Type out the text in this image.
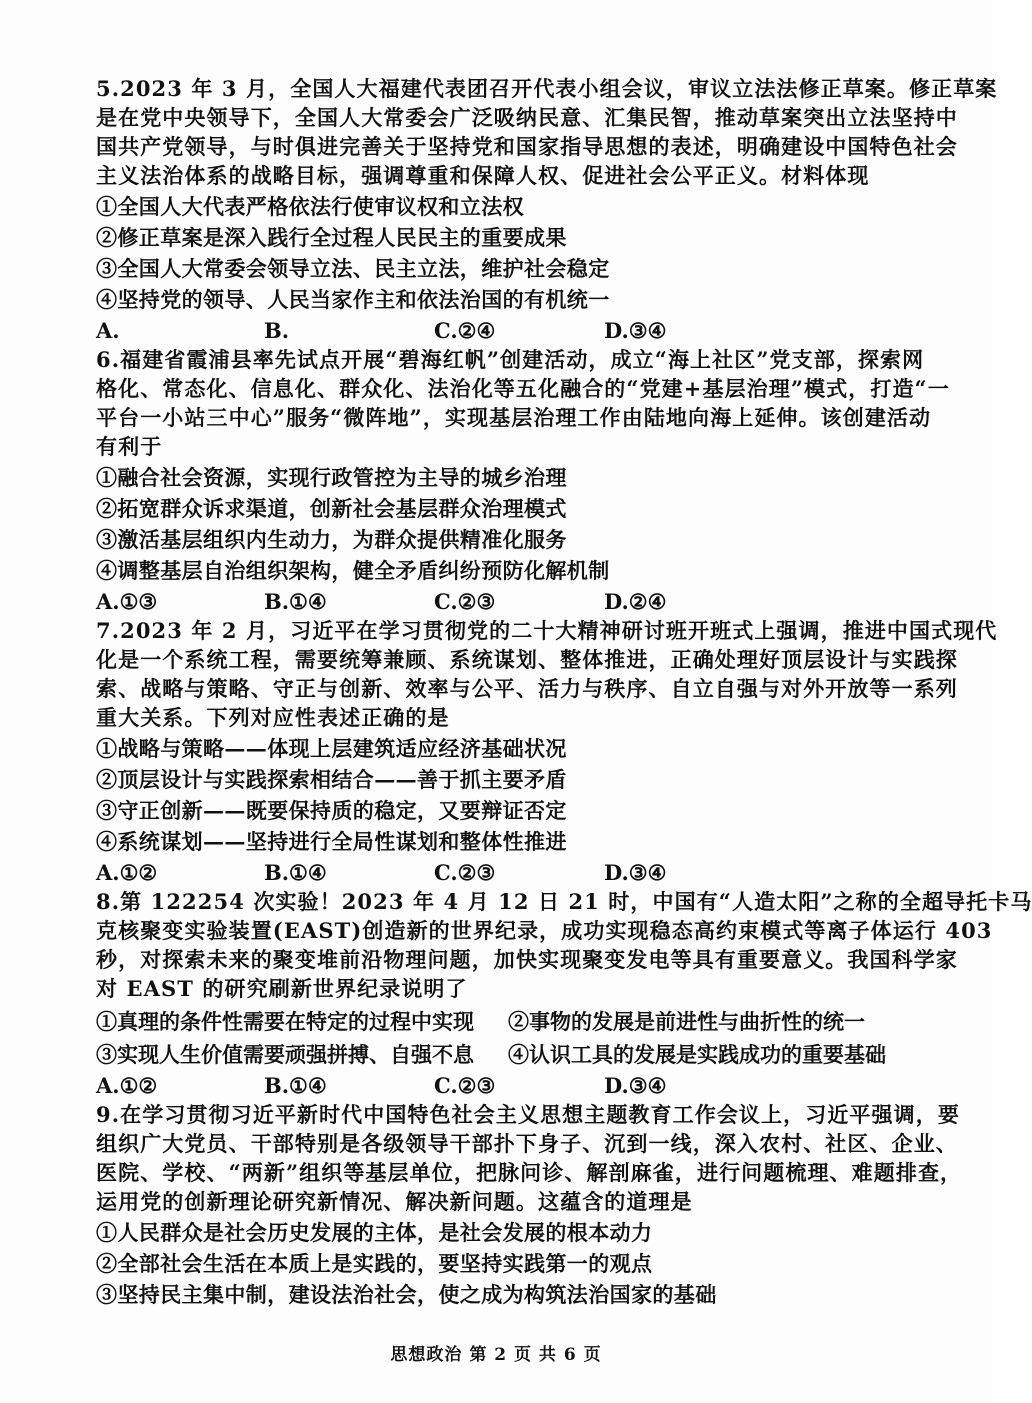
5.2023 年 3 月，全国人大福建代表团召开代表小组会议，审议立法法修正草案。修正草案
是在党中央领导下，全国人大常委会广泛吸纳民意、汇集民智，推动草案突出立法坚持中
国共产党领导，与时俱进完善关于坚持党和国家指导思想的表述，明确建设中国特色社会
主义法治体系的战略目标，强调尊重和保障人权、促进社会公平正义。材料体现
①全国人大代表严格依法行使审议权和立法权
②修正草案是深入践行全过程人民民主的重要成果
③全国人大常委会领导立法、民主立法，维护社会稳定
④坚持党的领导、人民当家作主和依法治国的有机统一
A.	B.	C.②④	D.③④
6.福建省霞浦县率先试点开展“碧海红帆”创建活动，成立“海上社区”党支部，探索网
格化、常态化、信息化、群众化、法治化等五化融合的“党建+基层治理”模式，打造“一
平台一小站三中心”服务“微阵地”，实现基层治理工作由陆地向海上延伸。该创建活动
有利于
①融合社会资源，实现行政管控为主导的城乡治理
②拓宽群众诉求渠道，创新社会基层群众治理模式
③激活基层组织内生动力，为群众提供精准化服务
④调整基层自治组织架构，健全矛盾纠纷预防化解机制
A.①③	B.①④	C.②③	D.②④
7.2023 年 2 月，习近平在学习贯彻党的二十大精神研讨班开班式上强调，推进中国式现代
化是一个系统工程，需要统筹兼顾、系统谋划、整体推进，正确处理好顶层设计与实践探
索、战略与策略、守正与创新、效率与公平、活力与秩序、自立自强与对外开放等一系列
重大关系。下列对应性表述正确的是
①战略与策略——体现上层建筑适应经济基础状况
②顶层设计与实践探索相结合——善于抓主要矛盾
③守正创新——既要保持质的稳定，又要辩证否定
④系统谋划——坚持进行全局性谋划和整体性推进
A.①②	B.①④	C.②③	D.③④
8.第 122254 次实验！2023 年 4 月 12 日 21 时，中国有“人造太阳”之称的全超导托卡马
克核聚变实验装置(EAST)创造新的世界纪录，成功实现稳态高约束模式等离子体运行 403
秒，对探索未来的聚变堆前沿物理问题，加快实现聚变发电等具有重要意义。我国科学家
对 EAST 的研究刷新世界纪录说明了
①真理的条件性需要在特定的过程中实现 ②事物的发展是前进性与曲折性的统一
③实现人生价值需要顽强拼搏、自强不息 ④认识工具的发展是实践成功的重要基础
A.①②	B.①④	C.②③	D.③④
9.在学习贯彻习近平新时代中国特色社会主义思想主题教育工作会议上，习近平强调，要
组织广大党员、干部特别是各级领导干部扑下身子、沉到一线，深入农村、社区、企业、
医院、学校、“两新”组织等基层单位，把脉问诊、解剖麻雀，进行问题梳理、难题排查，
运用党的创新理论研究新情况、解决新问题。这蕴含的道理是
①人民群众是社会历史发展的主体，是社会发展的根本动力
②全部社会生活在本质上是实践的，要坚持实践第一的观点
③坚持民主集中制，建设法治社会，使之成为构筑法治国家的基础
思想政治 第 2 页 共 6 页
